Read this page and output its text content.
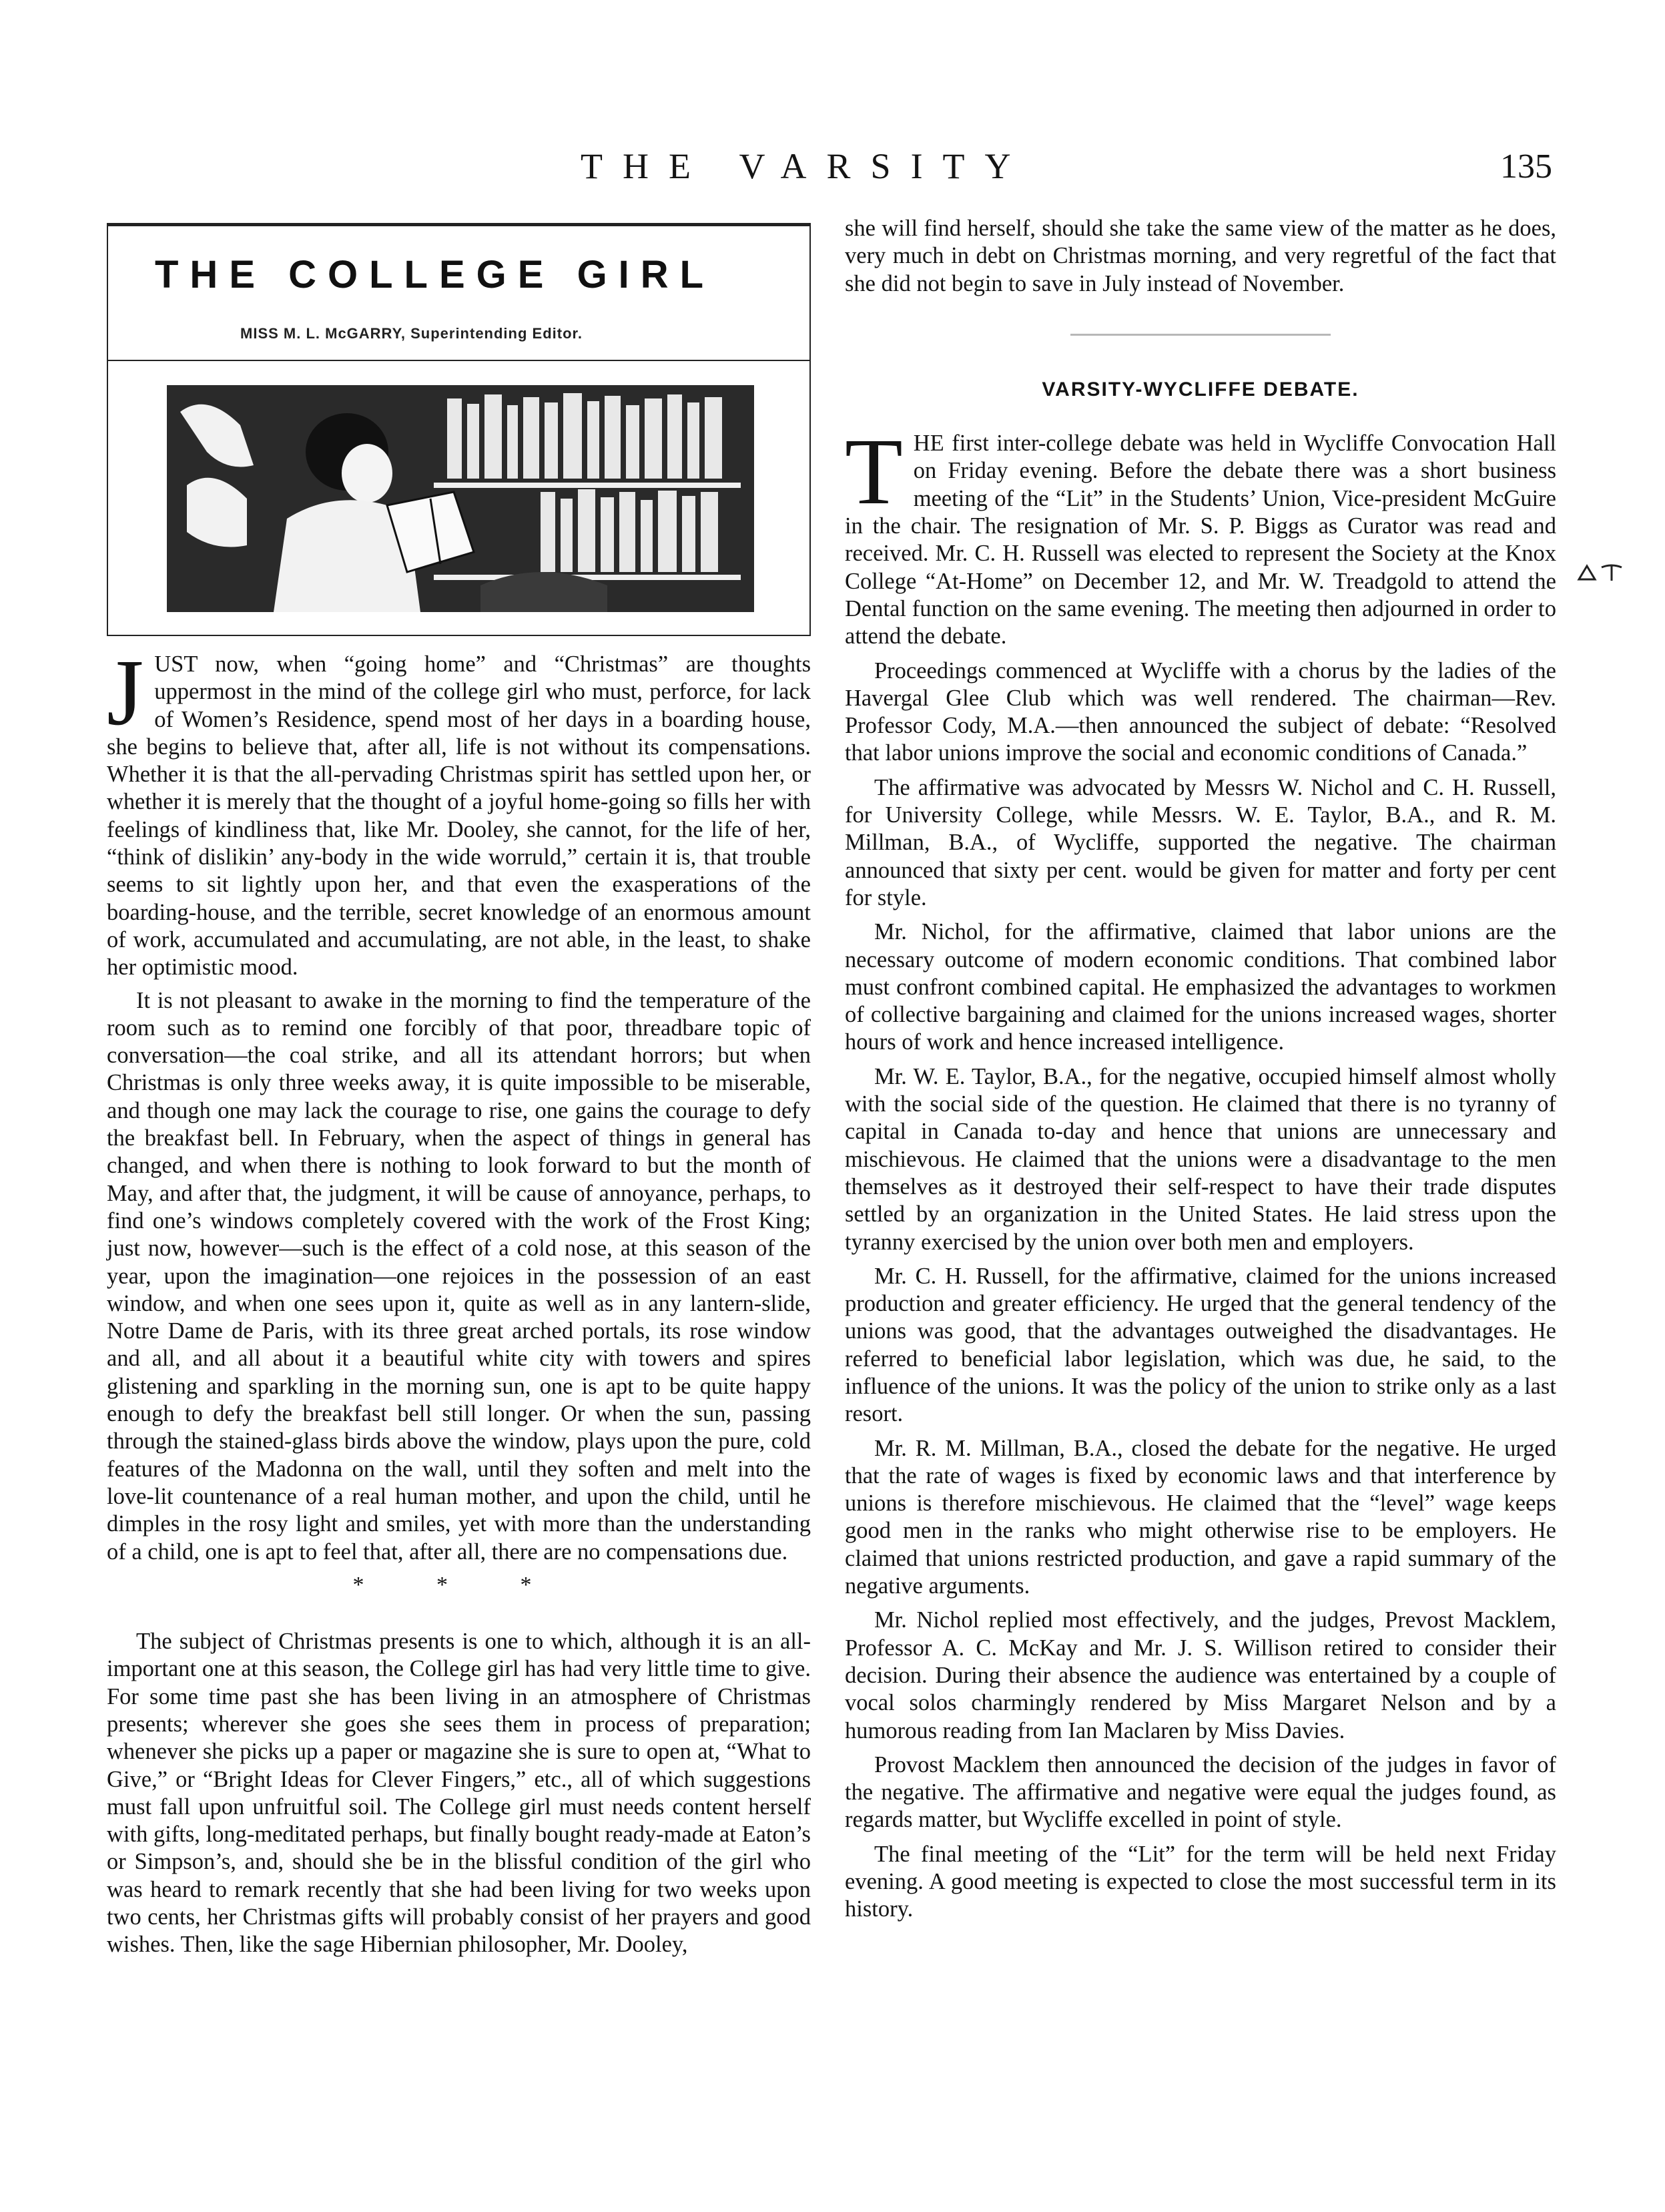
THE VARSITY	135
THE COLLEGE GIRL
MISS M. L. McGARRY, Superintending Editor.

JUST now, when “going home” and “Christmas” are thoughts uppermost in the mind of the college girl who must, perforce, for lack of Women’s Residence, spend most of her days in a boarding house, she begins to believe that, after all, life is not without its compensations. Whether it is that the all-pervading Christmas spirit has settled upon her, or whether it is merely that the thought of a joyful home-going so fills her with feelings of kindliness that, like Mr. Dooley, she cannot, for the life of her, “think of dislikin’ any-body in the wide worruld,” certain it is, that trouble seems to sit lightly upon her, and that even the exasperations of the boarding-house, and the terrible, secret knowledge of an enormous amount of work, accumulated and accumulating, are not able, in the least, to shake her optimistic mood.

It is not pleasant to awake in the morning to find the temperature of the room such as to remind one forcibly of that poor, threadbare topic of conversation—the coal strike, and all its attendant horrors; but when Christmas is only three weeks away, it is quite impossible to be miserable, and though one may lack the courage to rise, one gains the courage to defy the breakfast bell. In February, when the aspect of things in general has changed, and when there is nothing to look forward to but the month of May, and after that, the judgment, it will be cause of annoyance, perhaps, to find one’s windows completely covered with the work of the Frost King; just now, however—such is the effect of a cold nose, at this season of the year, upon the imagination—one rejoices in the possession of an east window, and when one sees upon it, quite as well as in any lantern-slide, Notre Dame de Paris, with its three great arched portals, its rose window and all, and all about it a beautiful white city with towers and spires glistening and sparkling in the morning sun, one is apt to be quite happy enough to defy the breakfast bell still longer. Or when the sun, passing through the stained-glass birds above the window, plays upon the pure, cold features of the Madonna on the wall, until they soften and melt into the love-lit countenance of a real human mother, and upon the child, until he dimples in the rosy light and smiles, yet with more than the understanding of a child, one is apt to feel that, after all, there are no compensations due.

* * *

The subject of Christmas presents is one to which, although it is an all-important one at this season, the College girl has had very little time to give. For some time past she has been living in an atmosphere of Christmas presents; wherever she goes she sees them in process of preparation; whenever she picks up a paper or magazine she is sure to open at, “What to Give,” or “Bright Ideas for Clever Fingers,” etc., all of which suggestions must fall upon unfruitful soil. The College girl must needs content herself with gifts, long-meditated perhaps, but finally bought ready-made at Eaton’s or Simpson’s, and, should she be in the blissful condition of the girl who was heard to remark recently that she had been living for two weeks upon two cents, her Christmas gifts will probably consist of her prayers and good wishes. Then, like the sage Hibernian philosopher, Mr. Dooley,

she will find herself, should she take the same view of the matter as he does, very much in debt on Christmas morning, and very regretful of the fact that she did not begin to save in July instead of November.

VARSITY-WYCLIFFE DEBATE.

THE first inter-college debate was held in Wycliffe Convocation Hall on Friday evening. Before the debate there was a short business meeting of the “Lit” in the Students’ Union, Vice-president McGuire in the chair. The resignation of Mr. S. P. Biggs as Curator was read and received. Mr. C. H. Russell was elected to represent the Society at the Knox College “At-Home” on December 12, and Mr. W. Treadgold to attend the Dental function on the same evening. The meeting then adjourned in order to attend the debate.

Proceedings commenced at Wycliffe with a chorus by the ladies of the Havergal Glee Club which was well rendered. The chairman—Rev. Professor Cody, M.A.—then announced the subject of debate: “Resolved that labor unions improve the social and economic conditions of Canada.”

The affirmative was advocated by Messrs W. Nichol and C. H. Russell, for University College, while Messrs. W. E. Taylor, B.A., and R. M. Millman, B.A., of Wycliffe, supported the negative. The chairman announced that sixty per cent. would be given for matter and forty per cent for style.

Mr. Nichol, for the affirmative, claimed that labor unions are the necessary outcome of modern economic conditions. That combined labor must confront combined capital. He emphasized the advantages to workmen of collective bargaining and claimed for the unions increased wages, shorter hours of work and hence increased intelligence.

Mr. W. E. Taylor, B.A., for the negative, occupied himself almost wholly with the social side of the question. He claimed that there is no tyranny of capital in Canada to-day and hence that unions are unnecessary and mischievous. He claimed that the unions were a disadvantage to the men themselves as it destroyed their self-respect to have their trade disputes settled by an organization in the United States. He laid stress upon the tyranny exercised by the union over both men and employers.

Mr. C. H. Russell, for the affirmative, claimed for the unions increased production and greater efficiency. He urged that the general tendency of the unions was good, that the advantages outweighed the disadvantages. He referred to beneficial labor legislation, which was due, he said, to the influence of the unions. It was the policy of the union to strike only as a last resort.

Mr. R. M. Millman, B.A., closed the debate for the negative. He urged that the rate of wages is fixed by economic laws and that interference by unions is therefore mischievous. He claimed that the “level” wage keeps good men in the ranks who might otherwise rise to be employers. He claimed that unions restricted production, and gave a rapid summary of the negative arguments.

Mr. Nichol replied most effectively, and the judges, Prevost Macklem, Professor A. C. McKay and Mr. J. S. Willison retired to consider their decision. During their absence the audience was entertained by a couple of vocal solos charmingly rendered by Miss Margaret Nelson and by a humorous reading from Ian Maclaren by Miss Davies.

Provost Macklem then announced the decision of the judges in favor of the negative. The affirmative and negative were equal the judges found, as regards matter, but Wycliffe excelled in point of style.

The final meeting of the “Lit” for the term will be held next Friday evening. A good meeting is expected to close the most successful term in its history.
